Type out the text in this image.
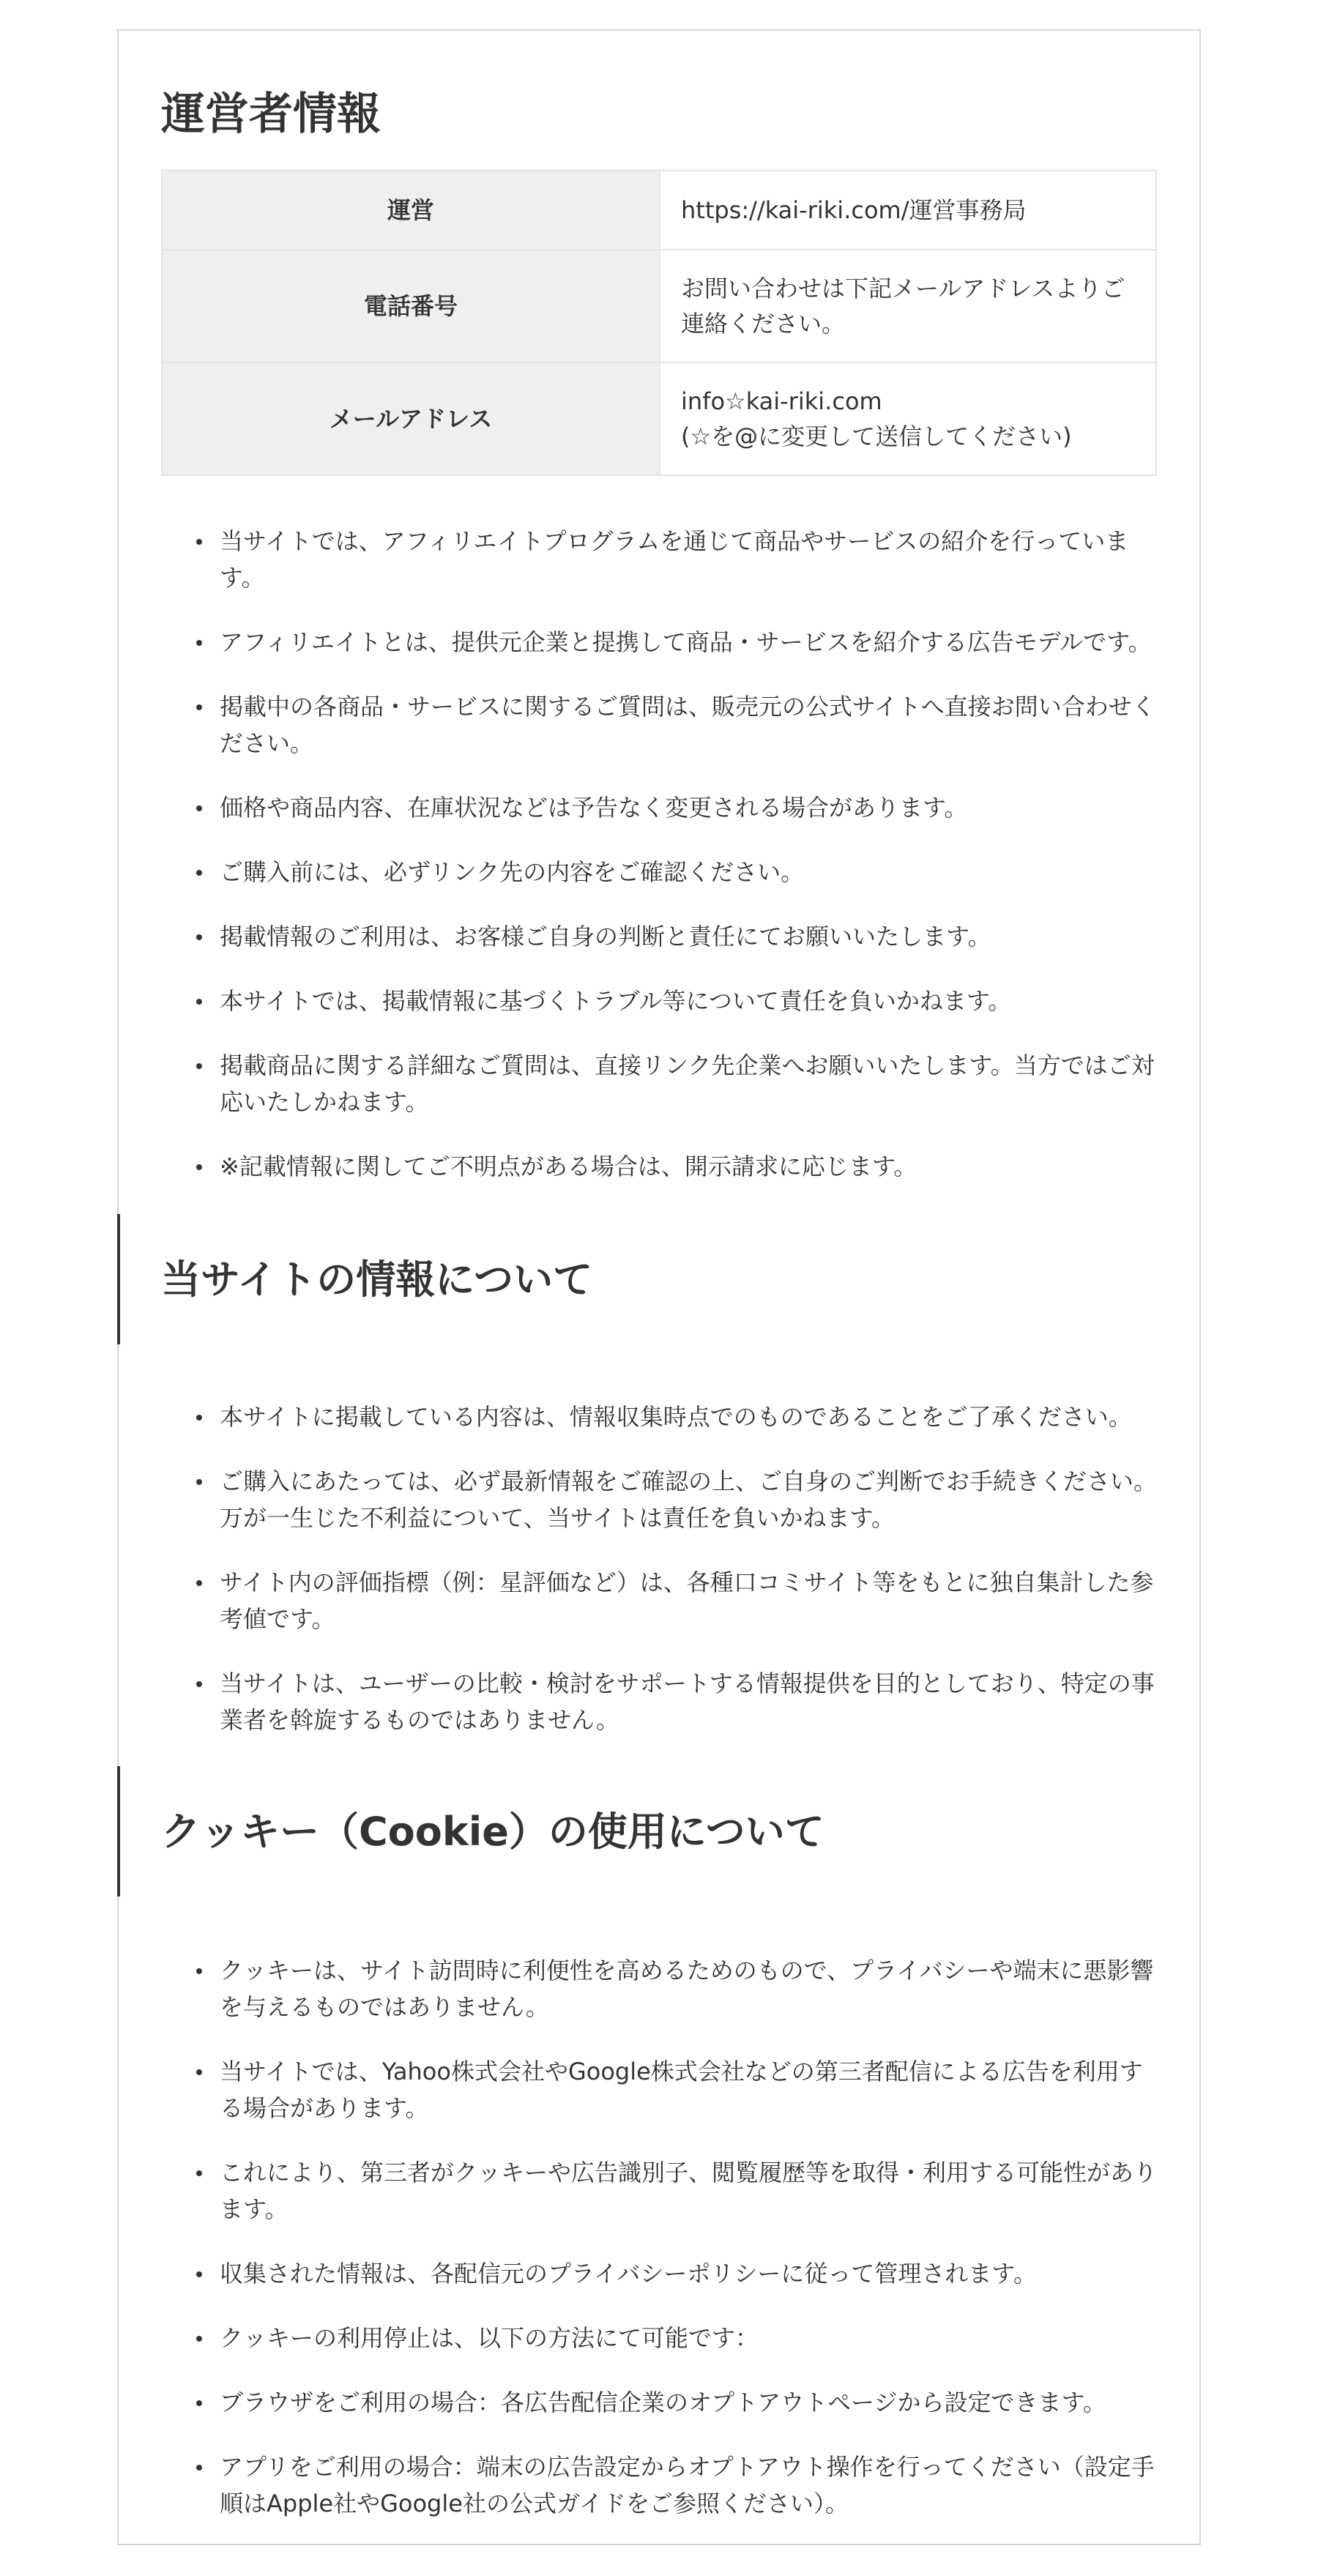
運営者情報
運営	https://kai-riki.com/運営事務局
電話番号	お問い合わせは下記メールアドレスよりご
連絡ください。
メールアドレス	info☆kai-riki.com
(☆を@に変更して送信してください)
当サイトでは、アフィリエイトプログラムを通じて商品やサービスの紹介を行っていま
す。
アフィリエイトとは、提供元企業と提携して商品・サービスを紹介する広告モデルです。
掲載中の各商品・サービスに関するご質問は、販売元の公式サイトへ直接お問い合わせく
ださい。
価格や商品内容、在庫状況などは予告なく変更される場合があります。
ご購入前には、必ずリンク先の内容をご確認ください。
掲載情報のご利用は、お客様ご自身の判断と責任にてお願いいたします。
本サイトでは、掲載情報に基づくトラブル等について責任を負いかねます。
掲載商品に関する詳細なご質問は、直接リンク先企業へお願いいたします。当方ではご対
応いたしかねます。
※記載情報に関してご不明点がある場合は、開示請求に応じます。
当サイトの情報について
本サイトに掲載している内容は、情報収集時点でのものであることをご了承ください。
ご購入にあたっては、必ず最新情報をご確認の上、ご自身のご判断でお手続きください。
万が一生じた不利益について、当サイトは責任を負いかねます。
サイト内の評価指標（例：星評価など）は、各種口コミサイト等をもとに独自集計した参
考値です。
当サイトは、ユーザーの比較・検討をサポートする情報提供を目的としており、特定の事
業者を斡旋するものではありません。
クッキー（Cookie）の使用について
クッキーは、サイト訪問時に利便性を高めるためのもので、プライバシーや端末に悪影響
を与えるものではありません。
当サイトでは、Yahoo株式会社やGoogle株式会社などの第三者配信による広告を利用す
る場合があります。
これにより、第三者がクッキーや広告識別子、閲覧履歴等を取得・利用する可能性があり
ます。
収集された情報は、各配信元のプライバシーポリシーに従って管理されます。
クッキーの利用停止は、以下の方法にて可能です：
ブラウザをご利用の場合：各広告配信企業のオプトアウトページから設定できます。
アプリをご利用の場合：端末の広告設定からオプトアウト操作を行ってください（設定手
順はApple社やGoogle社の公式ガイドをご参照ください）。
